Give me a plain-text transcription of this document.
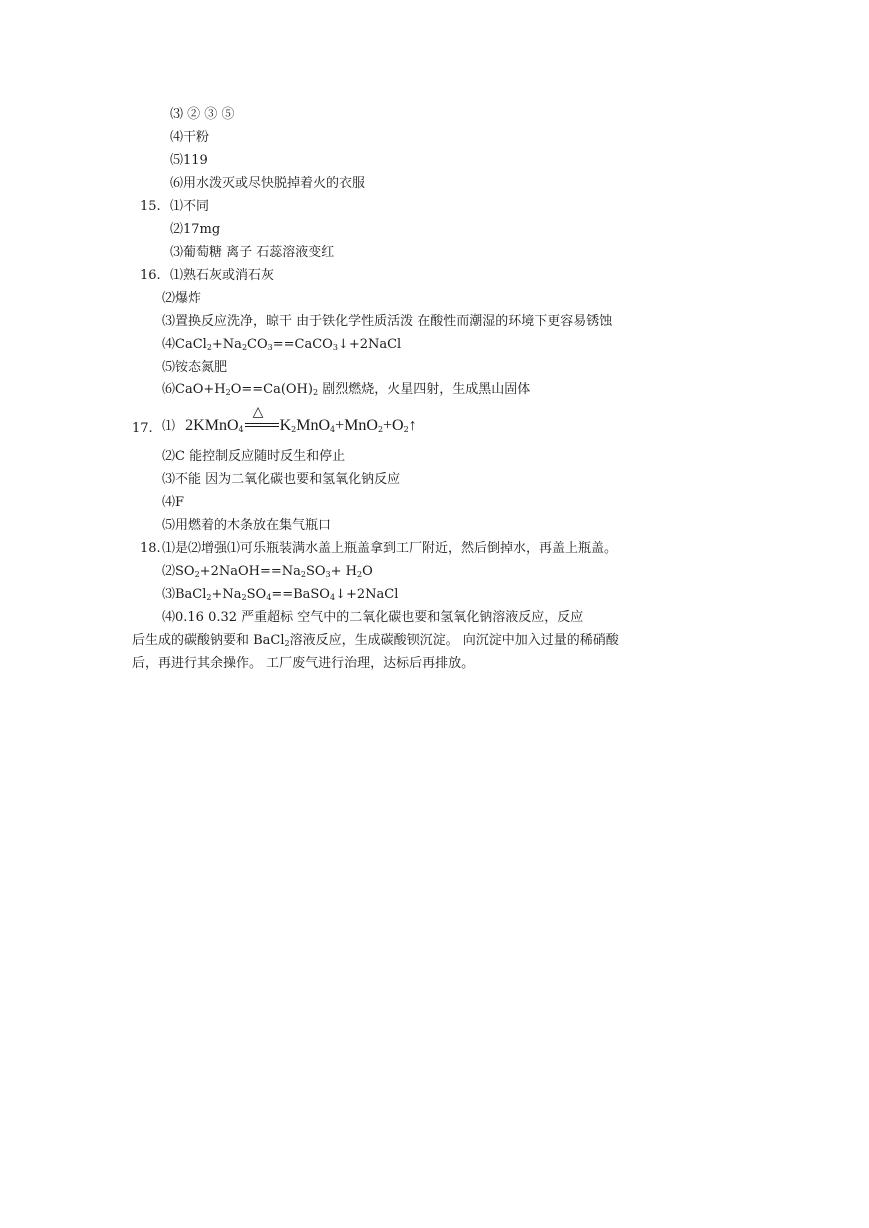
⑶ ② ③ ⑤
⑷干粉
⑸119
⑹用水泼灭或尽快脱掉着火的衣服
15. ⑴不同
⑵17mg
⑶葡萄糖 离子 石蕊溶液变红
16. ⑴熟石灰或消石灰
⑵爆炸
⑶置换反应洗净，晾干 由于铁化学性质活泼 在酸性而潮湿的环境下更容易锈蚀
$⑷CaCl_2+Na_2CO_3==CaCO_3↓+2NaCl$
⑸铵态氮肥
$⑹CaO+H_2O==Ca(OH)_2$ 剧烈燃烧，火星四射，生成黑山固体
17. ⑴ 2KMnO$_4$
△
$K_2MnO_4+MnO_2+O_2↑$
⑵C 能控制反应随时反生和停止
⑶不能 因为二氧化碳也要和氢氧化钠反应
⑷F
⑸用燃着的木条放在集气瓶口
18. ⑴是⑵增强⑴可乐瓶装满水盖上瓶盖拿到工厂附近，然后倒掉水，再盖上瓶盖。
$⑵SO_2+2NaOH==Na_2SO_3+ H_2O$
$⑶BaCl_2+Na_2SO_4==BaSO_4↓+2NaCl$
⑷0.16 0.32 严重超标 空气中的二氧化碳也要和氢氧化钠溶液反应，反应
后生成的碳酸钠要和 BaCl$_2$溶液反应，生成碳酸钡沉淀。 向沉淀中加入过量的稀硝酸
后，再进行其余操作。 工厂废气进行治理，达标后再排放。
